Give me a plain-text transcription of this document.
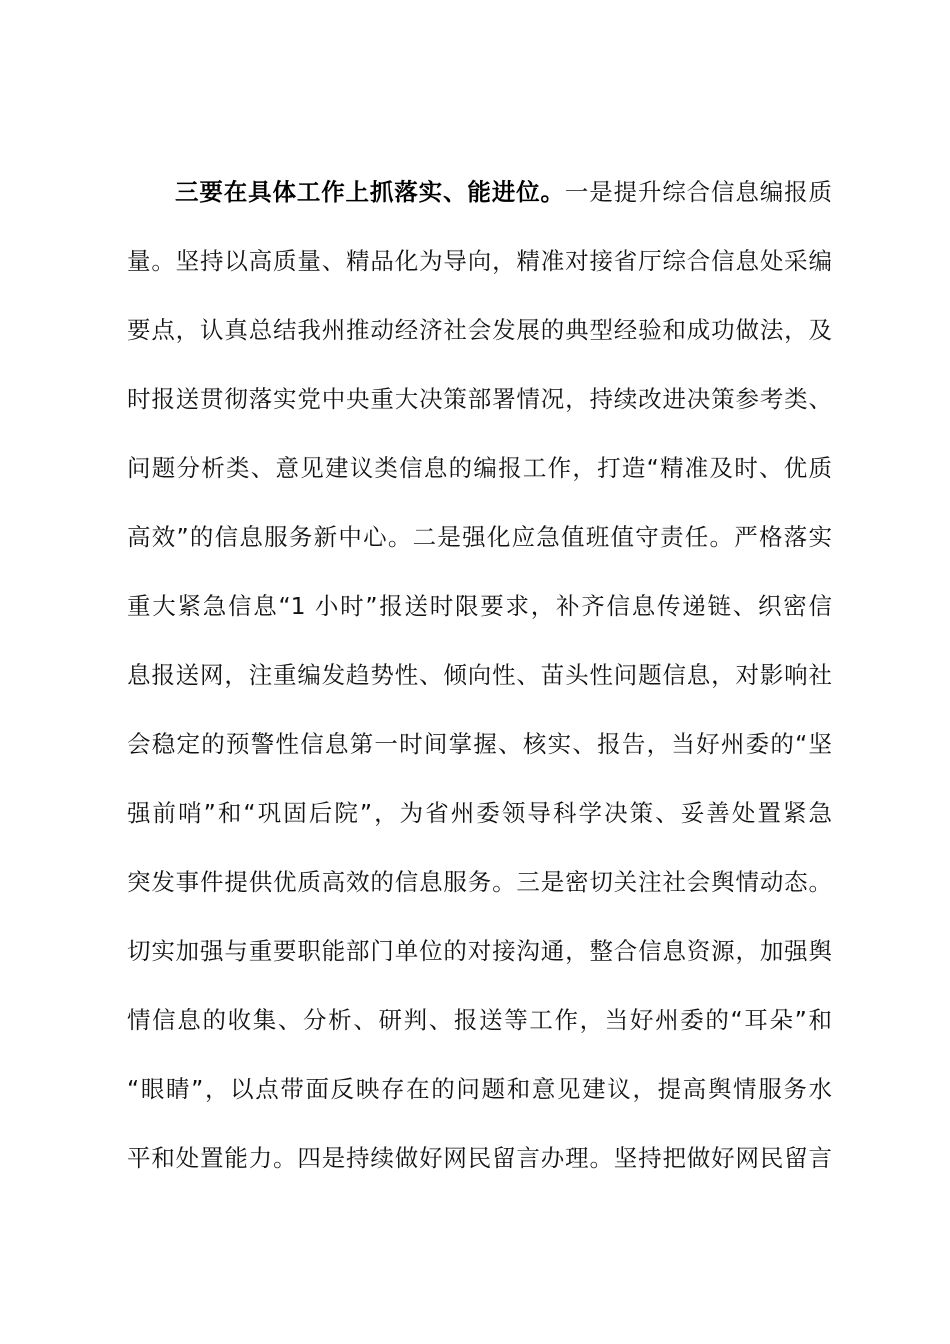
三要在具体工作上抓落实、能进位。一是提升综合信息编报质
量。坚持以高质量、精品化为导向，精准对接省厅综合信息处采编
要点，认真总结我州推动经济社会发展的典型经验和成功做法，及
时报送贯彻落实党中央重大决策部署情况，持续改进决策参考类、
问题分析类、意见建议类信息的编报工作，打造“精准及时、优质
高效”的信息服务新中心。二是强化应急值班值守责任。严格落实
重大紧急信息“1 小时”报送时限要求，补齐信息传递链、织密信
息报送网，注重编发趋势性、倾向性、苗头性问题信息，对影响社
会稳定的预警性信息第一时间掌握、核实、报告，当好州委的“坚
强前哨”和“巩固后院”，为省州委领导科学决策、妥善处置紧急
突发事件提供优质高效的信息服务。三是密切关注社会舆情动态。
切实加强与重要职能部门单位的对接沟通，整合信息资源，加强舆
情信息的收集、分析、研判、报送等工作，当好州委的“耳朵”和
“眼睛”，以点带面反映存在的问题和意见建议，提高舆情服务水
平和处置能力。四是持续做好网民留言办理。坚持把做好网民留言
